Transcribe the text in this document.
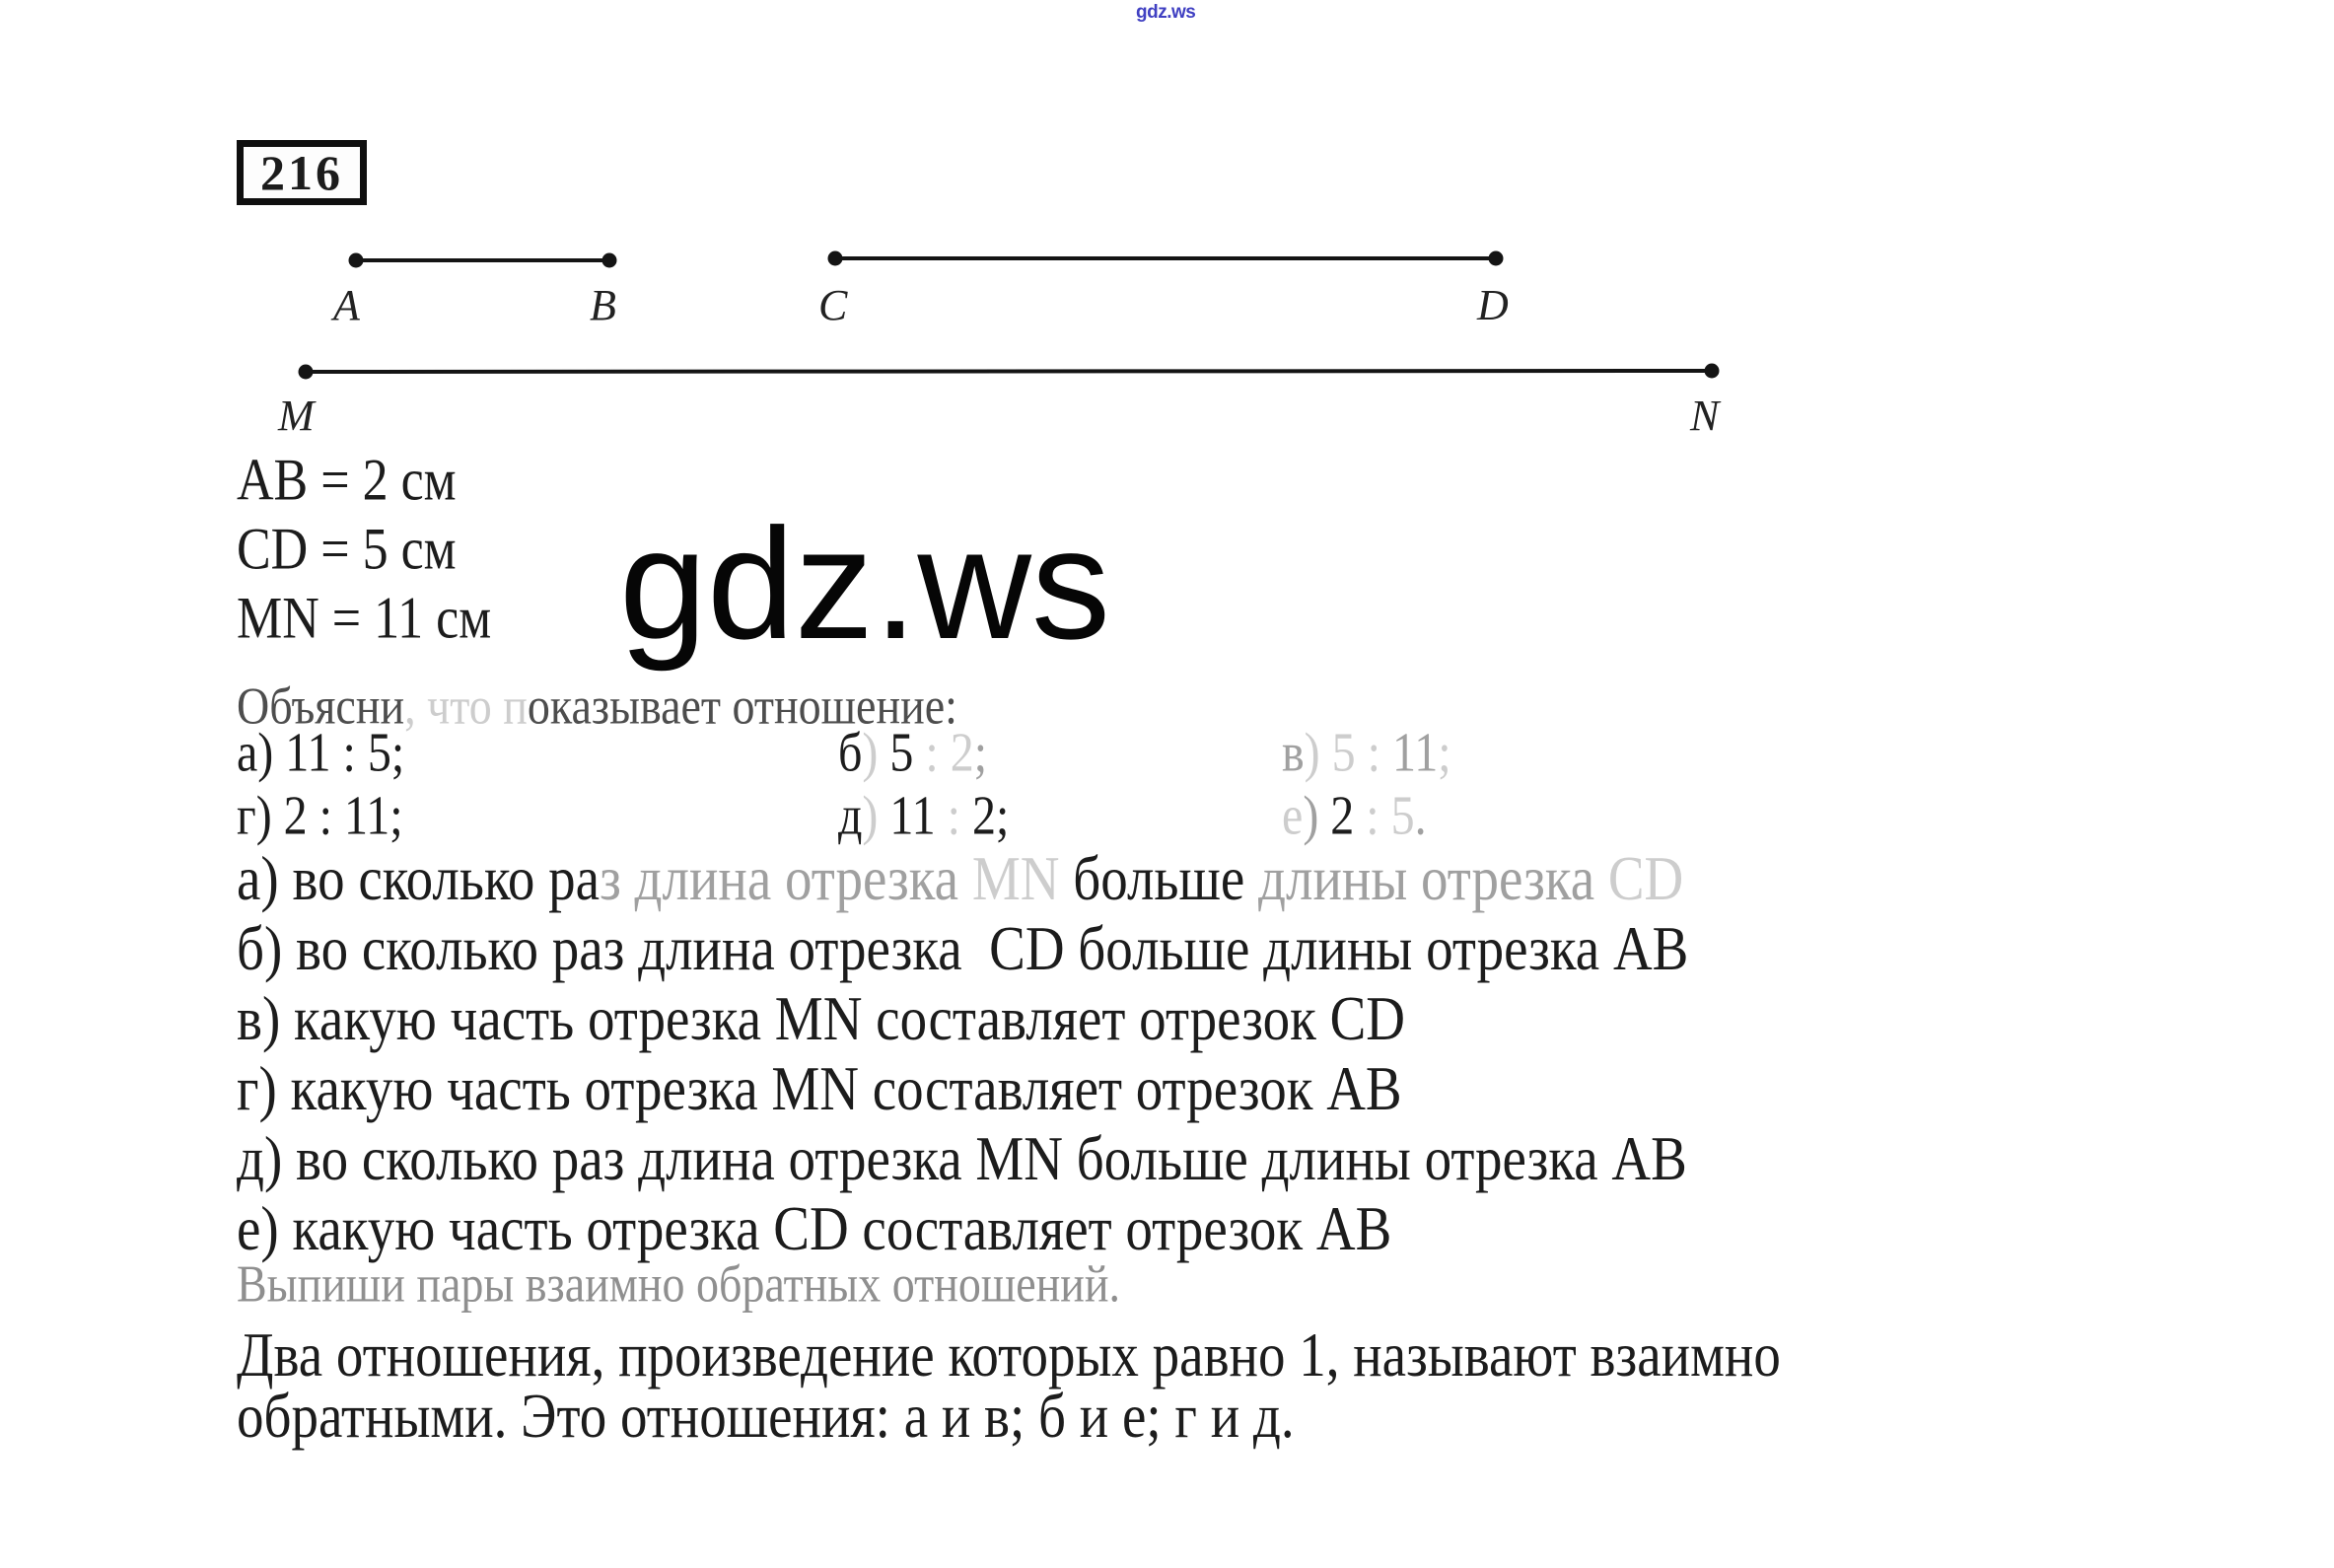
gdz.ws
216
A	B	C	D
M	N
AB = 2 см
CD = 5 см
MN = 11 см gdz.ws
Объясни , что п оказывает отношение:
а) 11 : 5;	б ) 5 : 2 ;	в ) 5 : 11 ;
г) 2 : 11;	д ) 11 : 2;	е ) 2 : 5 .
а) во сколько ра з длина отрезка MN больше длины отрезка CD
б) во сколько раз длина отрезка  CD больше длины отрезка AB
в) какую часть отрезка MN составляет отрезок CD
г) какую часть отрезка MN составляет отрезок AB
д) во сколько раз длина отрезка MN больше длины отрезка AB
е) какую часть отрезка CD составляет отрезок AB
Выпиши пары взаимно обратных отношений.
Два отношения, произведение которых равно 1, называют взаимно
обратными. Это отношения: а и в; б и е; г и д.
